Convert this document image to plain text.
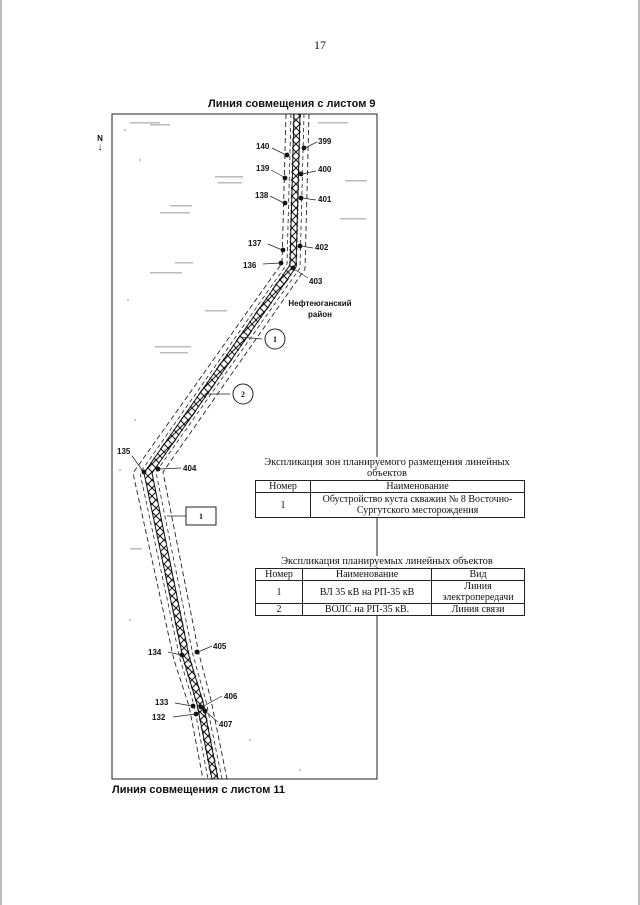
17
Линия совмещения с листом 9
Линия совмещения с листом 11
N
↓	140
399
139	400
138	401
137	402
136
403
135
404
134
405
133
406
132
407
Нефтеюганский
район
1
2
1
Экспликация зон планируемого размещения линейных объектов
Номер	Наименование
1	Обустройство куста скважин № 8 Восточно-Сургутского месторождения
Экспликация планируемых линейных объектов
Номер	Наименование	Вид
1	ВЛ 35 кВ на РП-35 кВ	Линия электропередачи
2	ВОЛС на РП-35 кВ.	Линия связи
